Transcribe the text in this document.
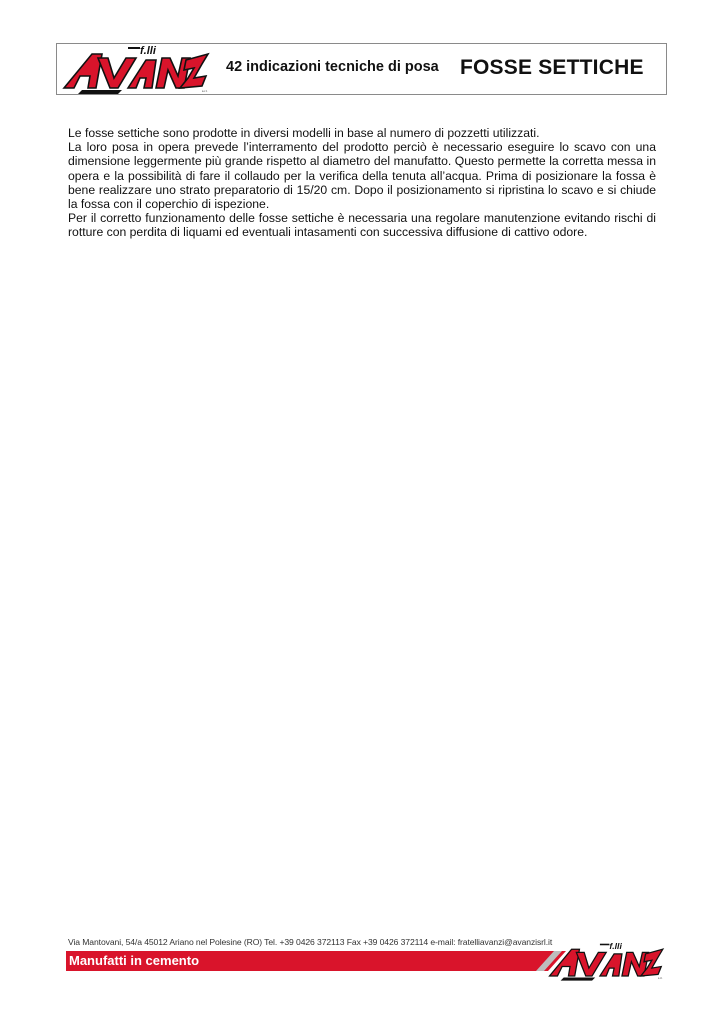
f.lli
s.r.l.
42 indicazioni tecniche di posa FOSSE SETTICHE

Le fosse settiche sono prodotte in diversi modelli in base al numero di pozzetti utilizzati.

La loro posa in opera prevede l’interramento del prodotto perciò è necessario eseguire lo scavo con una dimensione leggermente più grande rispetto al diametro del manufatto. Questo permette la corretta messa in opera e la possibilità di fare il collaudo per la verifica della tenuta all’acqua. Prima di posizionare la fossa è bene realizzare uno strato preparatorio di 15/20 cm. Dopo il posizionamento si ripristina lo scavo e si chiude la fossa con il coperchio di ispezione.

Per il corretto funzionamento delle fosse settiche è necessaria una regolare manutenzione evitando rischi di rotture con perdita di liquami ed eventuali intasamenti con successiva diffusione di cattivo odore.

Via Mantovani, 54/a 45012 Ariano nel Polesine (RO) Tel. +39 0426 372113 Fax +39 0426 372114 e-mail: fratelliavanzi@avanzisrl.it
Manufatti in cemento
f.lli
s.r.l.
